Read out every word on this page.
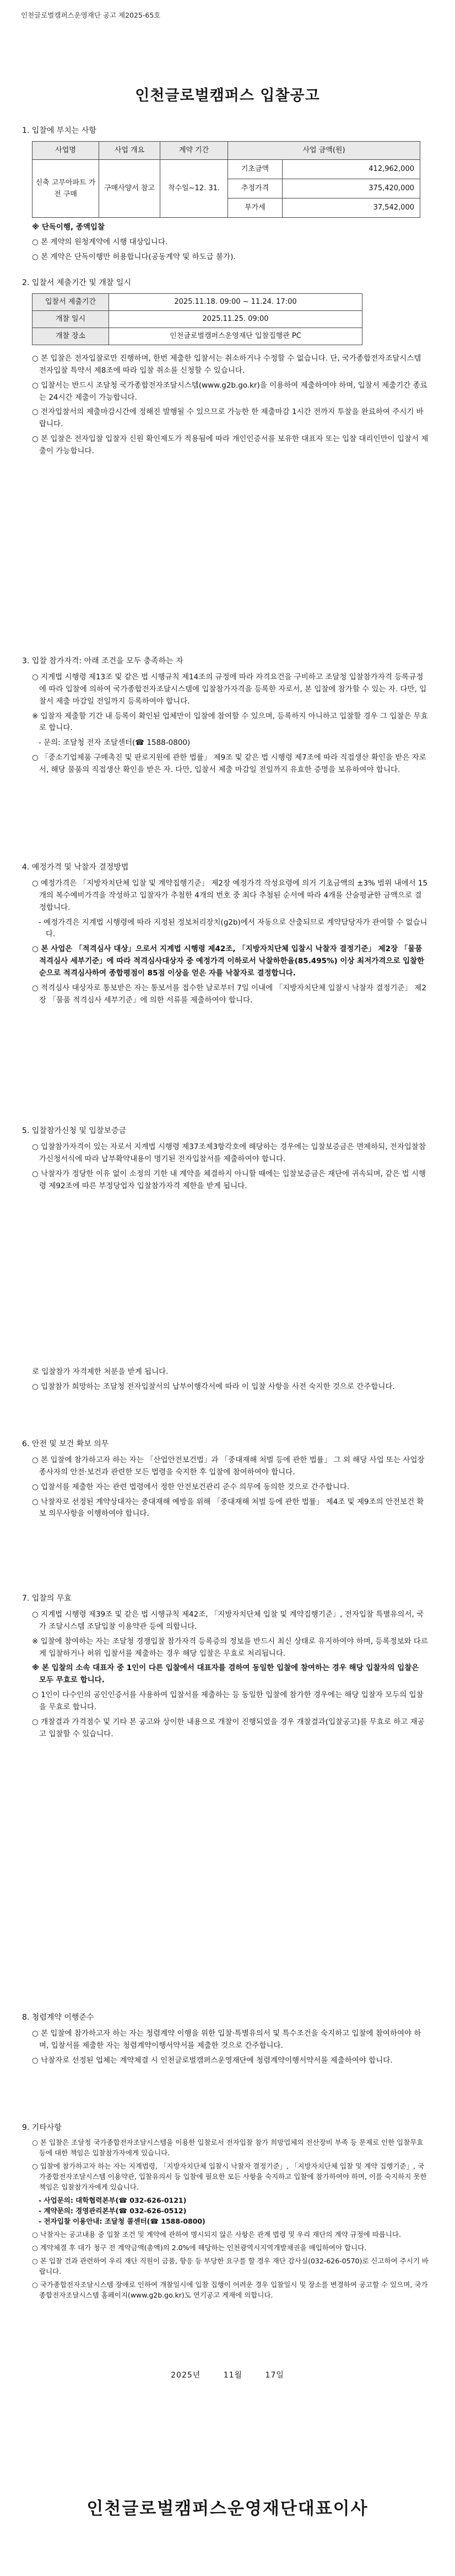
인천글로벌캠퍼스운영재단 공고 제2025-65호
인천글로벌캠퍼스 입찰공고
1. 입찰에 부치는 사항
사업명	사업 개요	계약 기간	사업 금액(원)	
신축 고무아파트 가전 구매	구매사양서 참고	착수일~12. 31.	기초금액	412,962,000
			추정가격	375,420,000
			부가세	37,542,000

※ 단독이행, 종액입찰

○ 본 계약의 원청계약에 시행 대상입니다.

○ 본 계약은 단독이행만 허용합니다(공동계약 및 하도급 불가).

2. 입찰서 제출기간 및 개찰 일시
입찰서 제출기간	2025.11.18. 09:00 ~ 11.24. 17:00
개찰 일시	2025.11.25. 09:00
개찰 장소	인천글로벌캠퍼스운영재단 입찰집행관 PC

○ 본 입찰은 전자입찰로만 진행하며, 한번 제출한 입찰서는 취소하거나 수정할 수 없습니다. 단, 국가종합전자조달시스템 전자입찰 특약서 제8조에 따라 입찰 취소를 신청할 수 있습니다.

○ 입찰서는 반드시 조달청 국가종합전자조달시스템(www.g2b.go.kr)을 이용하여 제출하여야 하며, 입찰서 제출기간 종료는 24시간 제출이 가능합니다.

○ 전자입찰서의 제출마감시간에 정해진 발행될 수 있으므로 가능한 한 제출마감 1시간 전까지 투찰을 완료하여 주시기 바랍니다.

○ 본 입찰은 전자입찰 입찰자 신원 확인제도가 적용됨에 따라 개인인증서를 보유한 대표자 또는 입찰 대리인만이 입찰서 제출이 가능합니다.

3. 입찰 참가자격: 아래 조건을 모두 충족하는 자

○ 지계법 시행령 제13조 및 같은 법 시행규칙 제14조의 규정에 따라 자격요건을 구비하고 조달청 입찰참가자격 등록규정에 따라 입찰에 의하여 국가종합전자조달시스템에 입찰참가자격을 등록한 자로서, 본 입찰에 참가할 수 있는 자. 다만, 입찰서 제출 마감일 전일까지 등록하여야 합니다.

※ 입찰자 제출할 기간 내 등록이 확인된 업체만이 입찰에 참여할 수 있으며, 등록하지 아니하고 입찰할 경우 그 입찰은 무효로 합니다.

- 문의: 조달청 전자 조달센터(☎ 1588-0800)

○ 「중소기업제품 구매촉진 및 판로지원에 관한 법률」 제9조 및 같은 법 시행령 제7조에 따라 직접생산 확인을 받은 자로서, 해당 물품의 직접생산 확인을 받은 자. 다만, 입찰서 제출 마감일 전일까지 유효한 증명을 보유하여야 합니다.

4. 예정가격 및 낙찰자 결정방법

○ 예정가격은 「지방자치단체 입찰 및 계약집행기준」 제2장 예정가격 작성요령에 의거 기초금액의 ±3% 범위 내에서 15개의 복수예비가격을 작성하고 입찰자가 추첨한 4개의 번호 중 최다 추첨된 순서에 따라 4개를 산술평균한 금액으로 결정합니다.

- 예정가격은 지계법 시행령에 따라 지정된 정보처리장치(g2b)에서 자동으로 산출되므로 계약담당자가 관여할 수 없습니다.

○ 본 사업은 「적격심사 대상」으로서 지계법 시행령 제42조, 「지방자치단체 입찰시 낙찰자 결정기준」 제2장 「물품 적격심사 세부기준」에 따라 적격심사대상자 중 예정가격 이하로서 낙찰하한율(85.495%) 이상 최저가격으로 입찰한 순으로 적격심사하여 종합평점이 85점 이상을 얻은 자를 낙찰자로 결정합니다.

○ 적격심사 대상자로 통보받은 자는 통보서를 접수한 날로부터 7일 이내에 「지방자치단체 입찰시 낙찰자 결정기준」 제2장 「물품 적격심사 세부기준」에 의한 서류를 제출하여야 합니다.

5. 입찰참가신청 및 입찰보증금

○ 입찰참가자격이 있는 자로서 지계법 시행령 제37조제3항각호에 해당하는 경우에는 입찰보증금은 면제하되, 전자입찰참가신청서식에 따라 납부확약내용이 명기된 전자입찰서를 제출하여야 합니다.

○ 낙찰자가 정당한 이유 없이 소정의 기한 내 계약을 체결하지 아니할 때에는 입찰보증금은 재단에 귀속되며, 같은 법 시행령 제92조에 따른 부정당업자 입찰참가자격 제한을 받게 됩니다.

로 입찰참가 자격제한 처분을 받게 됩니다.

○ 입찰참가 희망하는 조달청 전자입찰서의 납부이행각서에 따라 이 입찰 사항을 사전 숙지한 것으로 간주합니다.

6. 안전 및 보건 확보 의무

○ 본 입찰에 참가하고자 하는 자는 「산업안전보건법」과 「중대재해 처벌 등에 관한 법률」 그 외 해당 사업 또는 사업장 종사자의 안전·보건과 관련한 모든 법령을 숙지한 후 입찰에 참여하여야 합니다.

○ 입찰서를 제출한 자는 관련 법령에서 정한 안전보건관리 준수 의무에 동의한 것으로 간주합니다.

○ 낙찰자로 선정된 계약상대자는 중대재해 예방을 위해 「중대재해 처벌 등에 관한 법률」 제4조 및 제9조의 안전보건 확보 의무사항을 이행하여야 합니다.

7. 입찰의 무효

○ 지계법 시행령 제39조 및 같은 법 시행규칙 제42조, 「지방자치단체 입찰 및 계약집행기준」, 전자입찰 특별유의서, 국가 조달시스템 조달입찰 이용약관 등에 의합니다.

※ 입찰에 참여하는 자는 조달청 경쟁입찰 참가자격 등록증의 정보를 반드시 최신 상태로 유지하여야 하며, 등록정보와 다르게 입찰하거나 허위 입찰서를 제출하는 경우 해당 입찰은 무효로 처리됩니다.

※ 본 입찰의 소속 대표자 중 1인이 다른 입찰에서 대표자를 겸하여 동일한 입찰에 참여하는 경우 해당 입찰자의 입찰은 모두 무효로 합니다.

○ 1인이 다수인의 공인인증서를 사용하여 입찰서를 제출하는 등 동일한 입찰에 참가한 경우에는 해당 입찰자 모두의 입찰을 무효로 합니다.

○ 개찰결과 가격점수 및 기타 본 공고와 상이한 내용으로 개찰이 진행되었을 경우 개찰결과(입찰공고)를 무효로 하고 재공고 입찰할 수 있습니다.

8. 청렴계약 이행준수

○ 본 입찰에 참가하고자 하는 자는 청렴계약 이행을 위한 입찰·특별유의서 및 특수조건을 숙지하고 입찰에 참여하여야 하며, 입찰서를 제출한 자는 청렴계약이행서약서를 제출한 것으로 간주합니다.

○ 낙찰자로 선정된 업체는 계약체결 시 인천글로벌캠퍼스운영재단에 청렴계약이행서약서를 제출하여야 합니다.

9. 기타사항

○ 본 입찰은 조달청 국가종합전자조달시스템을 이용한 입찰로서 전자입찰 참가 희망업체의 전산장비 부족 등 문제로 인한 입찰무효 등에 대한 책임은 입찰참가자에게 있습니다.

○ 입찰에 참가하고자 하는 자는 지계법령, 「지방자치단체 입찰시 낙찰자 결정기준」, 「지방자치단체 입찰 및 계약 집행기준」, 국가종합전자조달시스템 이용약관, 입찰유의서 등 입찰에 필요한 모든 사항을 숙지하고 입찰에 참가하여야 하며, 이를 숙지하지 못한 책임은 입찰참가자에게 있습니다.

- 사업문의: 대학협력본부(☎ 032-626-0121)

- 계약문의: 경영관리본부(☎ 032-626-0512)

- 전자입찰 이용안내: 조달청 콜센터(☎ 1588-0800)

○ 낙찰자는 공고내용 중 입찰 조건 및 계약에 관하여 명시되지 않은 사항은 관계 법령 및 우리 재단의 계약 규정에 따릅니다.

○ 계약체결 후 대가 청구 전 계약금액(총액)의 2.0%에 해당하는 인천광역시지역개발채권을 매입하여야 합니다.

○ 본 입찰 건과 관련하여 우리 재단 직원이 금품, 향응 등 부당한 요구를 할 경우 재단 감사실(032-626-0570)로 신고하여 주시기 바랍니다.

○ 국가종합전자조달시스템 장애로 인하여 개찰일시에 입찰 집행이 어려운 경우 입찰일시 및 장소를 변경하여 공고할 수 있으며, 국가종합전자조달시스템 홈페이지(www.g2b.go.kr)도 연기공고 게재에 의합니다.

2025년	11월	17일
인천글로벌캠퍼스운영재단대표이사
